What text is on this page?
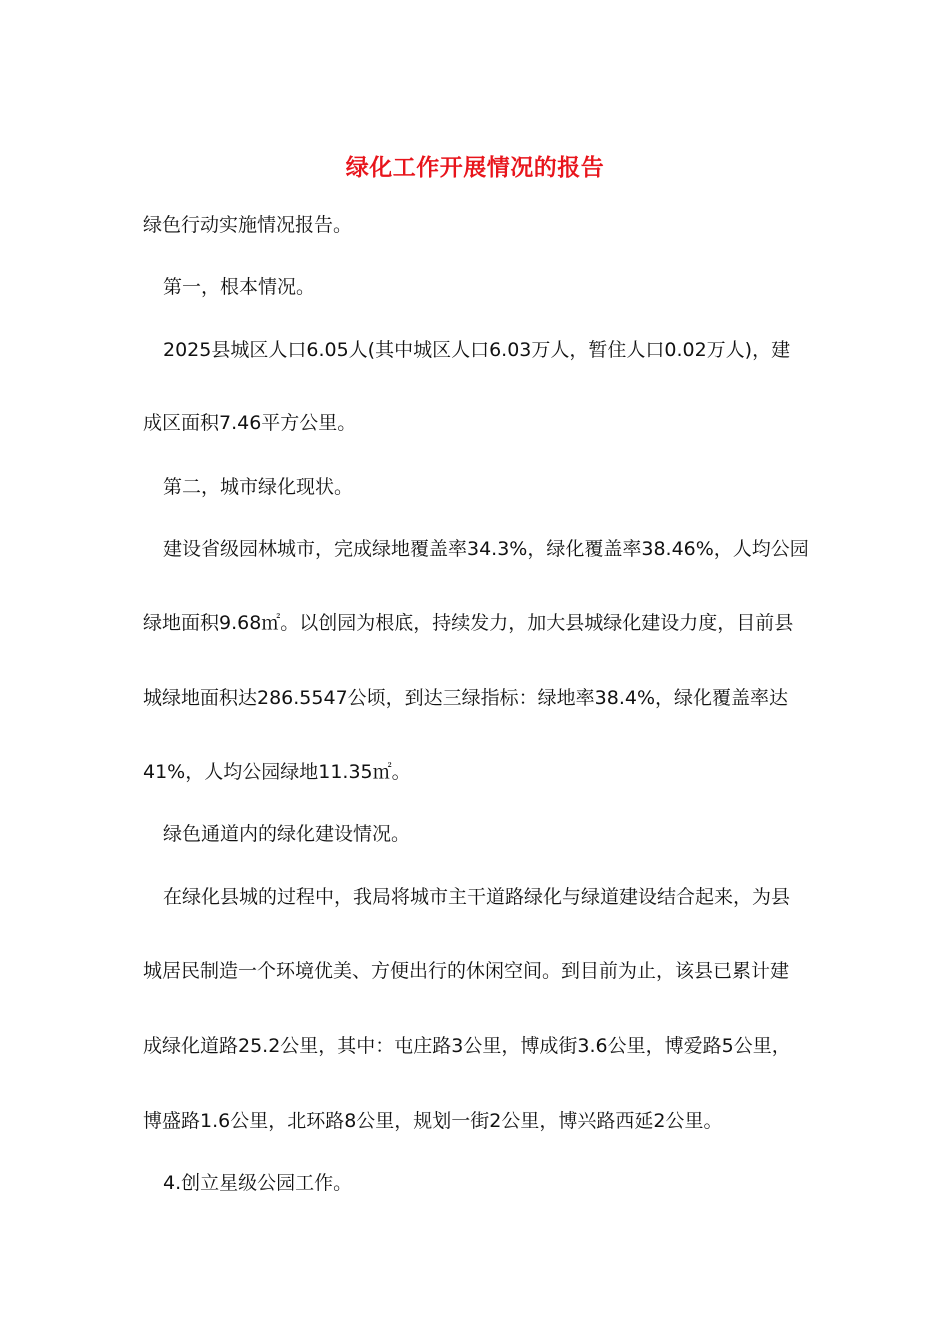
绿化工作开展情况的报告
绿色行动实施情况报告。
第一，根本情况。
2025县城区人口6.05人(其中城区人口6.03万人，暂住人口0.02万人)，建
成区面积7.46平方公里。
第二，城市绿化现状。
建设省级园林城市，完成绿地覆盖率34.3%，绿化覆盖率38.46%，人均公园
绿地面积9.68㎡。以创园为根底，持续发力，加大县城绿化建设力度，目前县
城绿地面积达286.5547公顷，到达三绿指标：绿地率38.4%，绿化覆盖率达
41%，人均公园绿地11.35㎡。
绿色通道内的绿化建设情况。
在绿化县城的过程中，我局将城市主干道路绿化与绿道建设结合起来，为县
城居民制造一个环境优美、方便出行的休闲空间。到目前为止，该县已累计建
成绿化道路25.2公里，其中：屯庄路3公里，博成街3.6公里，博爱路5公里，
博盛路1.6公里，北环路8公里，规划一街2公里，博兴路西延2公里。
4.创立星级公园工作。
